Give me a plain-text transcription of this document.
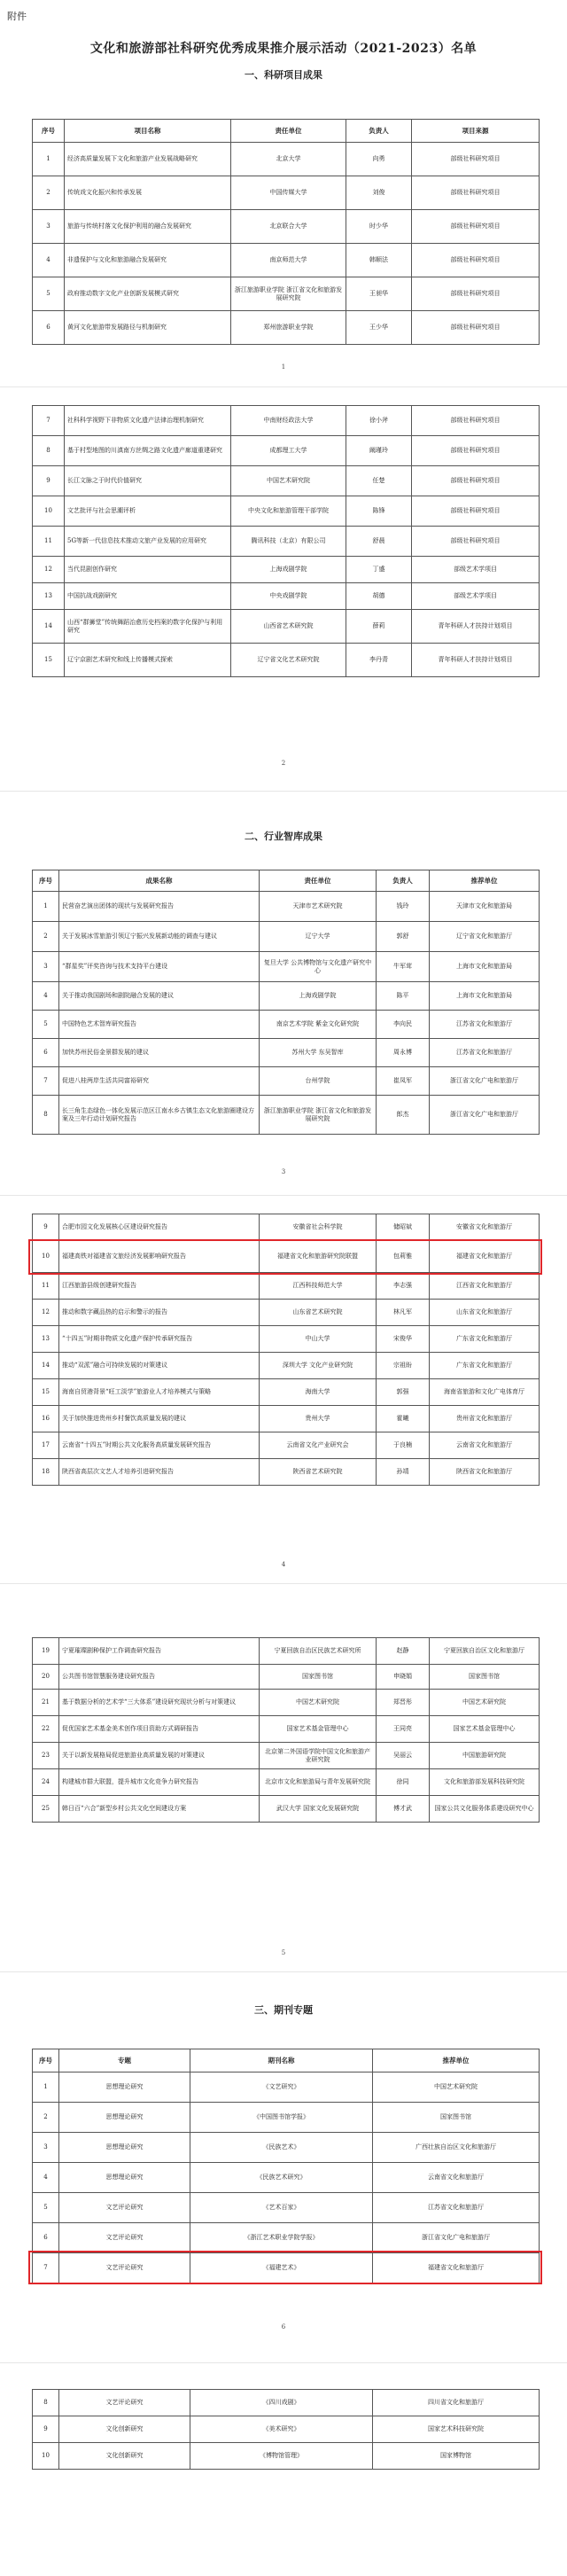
附件
文化和旅游部社科研究优秀成果推介展示活动（2021-2023）名单
一、科研项目成果
序号	项目名称	责任单位	负责人	项目来源
1	经济高质量发展下文化和旅游产业发展战略研究	北京大学	向勇	部级社科研究项目
2	传统戏文化振兴和传承发展	中国传媒大学	刘俊	部级社科研究项目
3	旅游与传统村落文化保护利用的融合发展研究	北京联合大学	时少华	部级社科研究项目
4	非遗保护与文化和旅游融合发展研究	南京师范大学	韩顺法	部级社科研究项目
5	政府推动数字文化产业创新发展模式研究	浙江旅游职业学院 浙江省文化和旅游发展研究院	王昶华	部级社科研究项目
6	黄河文化旅游带发展路径与机制研究	郑州旅游职业学院	王少华	部级社科研究项目
1
7	社科科学视野下非物质文化遗产法律治理机制研究	中南财经政法大学	徐小斧	部级社科研究项目
8	基于村型地图的川滇南方丝绸之路文化遗产廊道重建研究	成都理工大学	阚瑾玲	部级社科研究项目
9	长江文脉之于时代价值研究	中国艺术研究院	任楚	部级社科研究项目
10	文艺批评与社会思潮评析	中央文化和旅游管理干部学院	陈锋	部级社科研究项目
11	5G等新一代信息技术推动文旅产业发展的应用研究	腾讯科技（北京）有限公司	舒晨	部级社科研究项目
12	当代昆剧创作研究	上海戏剧学院	丁盛	部级艺术学项目
13	中国抗战戏剧研究	中央戏剧学院	胡德	部级艺术学项目
14	山西“群狮堂”传统舞蹈治愈历史档案的数字化保护与利用研究	山西省艺术研究院	薛莉	青年科研人才扶持计划项目
15	辽宁京剧艺术研究和线上传播模式探索	辽宁省文化艺术研究院	李丹青	青年科研人才扶持计划项目
2
二、行业智库成果
序号	成果名称	责任单位	负责人	推荐单位
1	民营奋艺演出团体的现状与发展研究报告	天津市艺术研究院	钱玲	天津市文化和旅游局
2	关于发展冰雪旅游引领辽宁振兴发展新动能的调查与建议	辽宁大学	郭舒	辽宁省文化和旅游厅
3	“群星奖”评奖咨询与技术支持平台建设	复旦大学 公共博物馆与文化遗产研究中心	牛军茸	上海市文化和旅游局
4	关于推动我国剧场和剧院融合发展的建议	上海戏剧学院	陈平	上海市文化和旅游局
5	中国特色艺术智库研究报告	南京艺术学院 紫金文化研究院	李向民	江苏省文化和旅游厅
6	加快苏州民俗金景群发展的建议	苏州大学 东吴智库	周永博	江苏省文化和旅游厅
7	促进八桂两岸生活共同富裕研究	台州学院	崔凤军	浙江省文化广电和旅游厅
8	长三角生态绿色一体化发展示范区江南水乡古镇生态文化旅游圈建设方案及三年行动计划研究报告	浙江旅游职业学院 浙江省文化和旅游发展研究院	郎杰	浙江省文化广电和旅游厅
3
9	合肥市园文化发展核心区建设研究报告	安徽省社会科学院	储昭斌	安徽省文化和旅游厅
10	福建高铁对福建省文旅经济发展影响研究报告	福建省文化和旅游研究院联盟	包莉雅	福建省文化和旅游厅
11	江西旅游县级创建研究报告	江西科技师范大学	李志强	江西省文化和旅游厅
12	推动和数字藏品热的启示和警示的报告	山东省艺术研究院	林凡军	山东省文化和旅游厅
13	“十四五”时期非物质文化遗产保护传承研究报告	中山大学	宋俊华	广东省文化和旅游厅
14	推动“双派”融合可持续发展的对策建议	深圳大学 文化产业研究院	宗祖盼	广东省文化和旅游厅
15	海南自贸港背景“旺工淡学”旅游业人才培养模式与策略	海南大学	郭强	海南省旅游和文化广电体育厅
16	关于加快推进贵州乡村餐饮高质量发展的建议	贵州大学	霍曦	贵州省文化和旅游厅
17	云南省“十四五”时期公共文化服务高质量发展研究报告	云南省文化产业研究会	于良楠	云南省文化和旅游厅
18	陕西省高层次文艺人才培养引进研究报告	陕西省艺术研究院	孙靖	陕西省文化和旅游厅
4
19	宁夏璀璨剧种保护工作调查研究报告	宁夏回族自治区民族艺术研究所	赵静	宁夏回族自治区文化和旅游厅
20	公共图书馆智慧服务建设研究报告	国家图书馆	申晓娟	国家图书馆
21	基于数据分析的艺术学“三大体系”建设研究现状分析与对策建议	中国艺术研究院	郑晋彤	中国艺术研究院
22	促优国家艺术基金美术创作项目资助方式调研报告	国家艺术基金管理中心	王同亮	国家艺术基金管理中心
23	关于以新发展格局促进旅游业高质量发展的对策建议	北京第二外国语学院中国文化和旅游产业研究院	吴丽云	中国旅游研究院
24	构建城市群大联盟，提升城市文化竞争力研究报告	北京市文化和旅游局与青年发展研究院	徐同	文化和旅游部发展科技研究院
25	韩日百“六合”新型乡村公共文化空间建设方案	武汉大学 国家文化发展研究院	傅才武	国家公共文化服务体系建设研究中心
5
三、期刊专题
序号	专题	期刊名称	推荐单位
1	思想理论研究	《文艺研究》	中国艺术研究院
2	思想理论研究	《中国图书馆学报》	国家图书馆
3	思想理论研究	《民族艺术》	广西壮族自治区文化和旅游厅
4	思想理论研究	《民族艺术研究》	云南省文化和旅游厅
5	文艺评论研究	《艺术百家》	江苏省文化和旅游厅
6	文艺评论研究	《浙江艺术职业学院学报》	浙江省文化广电和旅游厅
7	文艺评论研究	《福建艺术》	福建省文化和旅游厅
6
8	文艺评论研究	《四川戏剧》	四川省文化和旅游厅
9	文化创新研究	《美术研究》	国家艺术科技研究院
10	文化创新研究	《博物馆管理》	国家博物馆
